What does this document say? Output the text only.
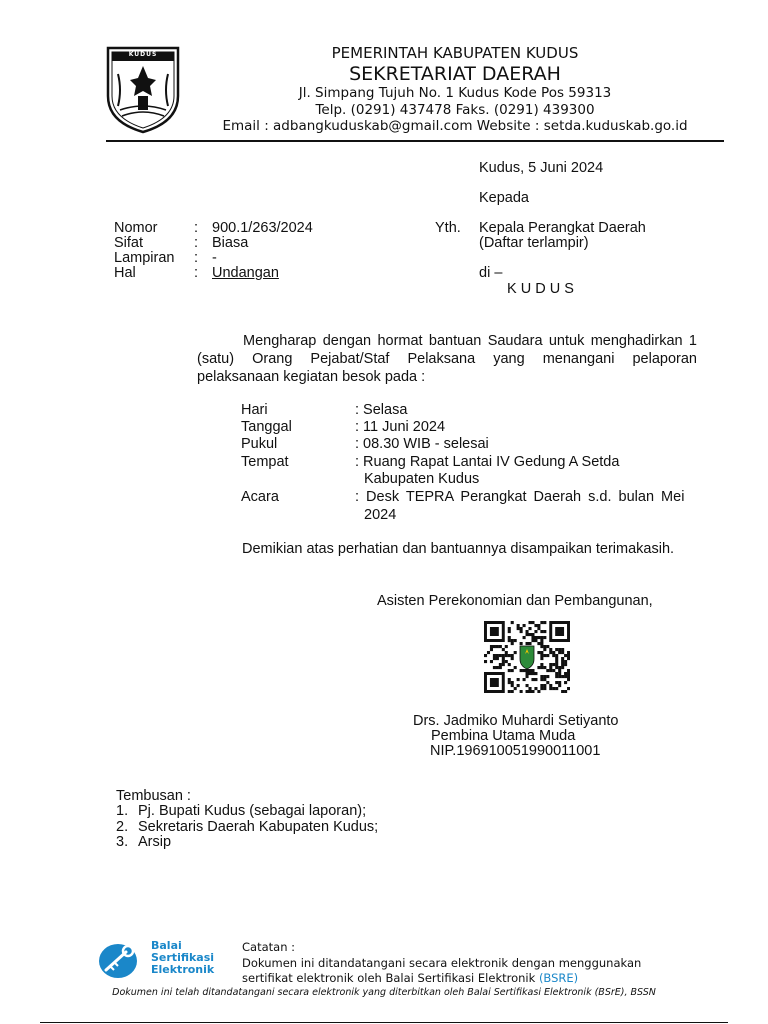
KUDUS	PEMERINTAH KABUPATEN KUDUS
SEKRETARIAT DAERAH
Jl. Simpang Tujuh No. 1 Kudus Kode Pos 59313
Telp. (0291) 437478 Faks. (0291) 439300
Email : adbangkuduskab@gmail.com Website : setda.kuduskab.go.id
Kudus, 5 Juni 2024
Kepada
Nomor	: 900.1/263/2024
Sifat	: Biasa
Lampiran : -
Hal	: Undangan
Yth. Kepala Perangkat Daerah
(Daftar terlampir)
di –
K U D U S
Mengharap dengan hormat bantuan Saudara untuk menghadirkan 1 (satu) Orang Pejabat/Staf Pelaksana yang menangani pelaporan pelaksanaan kegiatan besok pada :
Hari	: Selasa
Tanggal	: 11 Juni 2024
Pukul	: 08.30 WIB - selesai
Tempat	: Ruang Rapat Lantai IV Gedung A Setda
Kabupaten Kudus
Acara	: Desk TEPRA Perangkat Daerah s.d. bulan Mei
2024
Demikian atas perhatian dan bantuannya disampaikan terimakasih.
Asisten Perekonomian dan Pembangunan,
Drs. Jadmiko Muhardi Setiyanto
Pembina Utama Muda
NIP.196910051990011001
Tembusan :
1. Pj. Bupati Kudus (sebagai laporan);
2. Sekretaris Daerah Kabupaten Kudus;
3. Arsip
Balai
Sertifikasi
Elektronik
Catatan :
Dokumen ini ditandatangani secara elektronik dengan menggunakan
sertifikat elektronik oleh Balai Sertifikasi Elektronik (BSRE)
Dokumen ini telah ditandatangani secara elektronik yang diterbitkan oleh Balai Sertifikasi Elektronik (BSrE), BSSN
